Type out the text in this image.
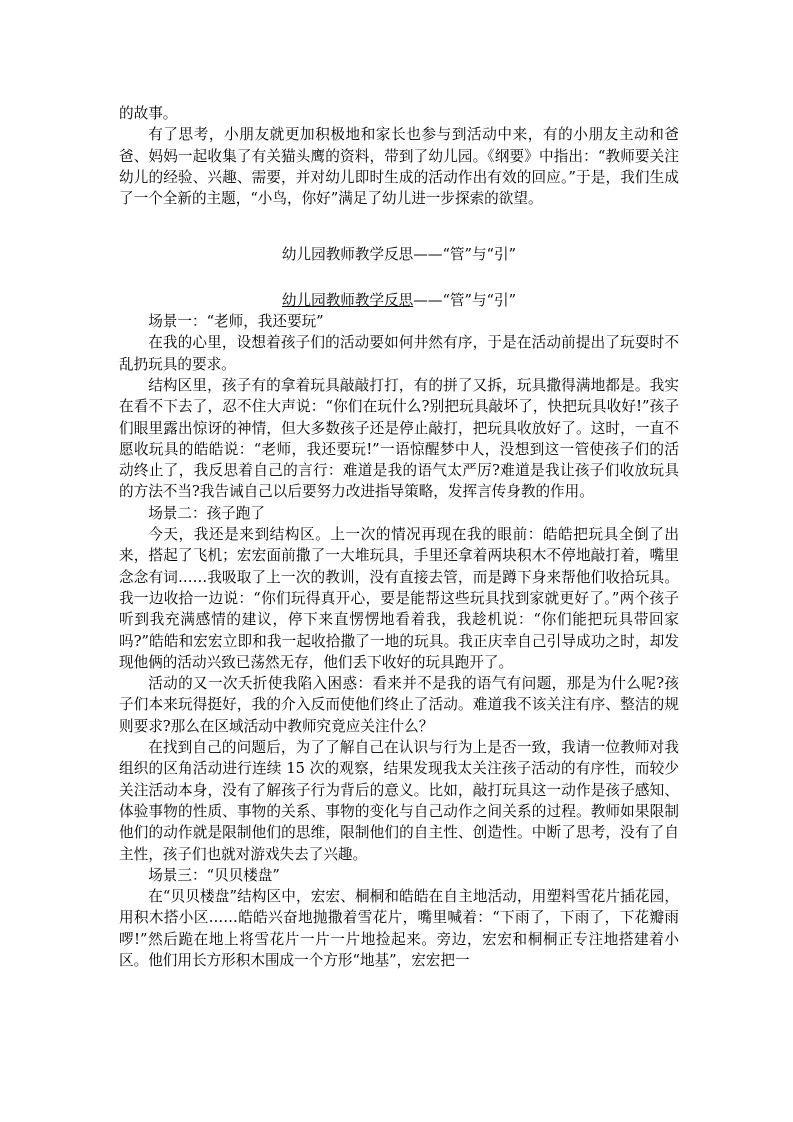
的故事。

有了思考，小朋友就更加积极地和家长也参与到活动中来，有的小朋友主动和爸爸、妈妈一起收集了有关猫头鹰的资料，带到了幼儿园。《纲要》中指出：“教师要关注幼儿的经验、兴趣、需要，并对幼儿即时生成的活动作出有效的回应。”于是，我们生成了一个全新的主题，“小鸟，你好”满足了幼儿进一步探索的欲望。

幼儿园教师教学反思——“管”与“引”

幼儿园教师教学反思——“管”与“引”

场景一：“老师，我还要玩”

在我的心里，设想着孩子们的活动要如何井然有序，于是在活动前提出了玩耍时不乱扔玩具的要求。

结构区里，孩子有的拿着玩具敲敲打打，有的拼了又拆，玩具撒得满地都是。我实在看不下去了，忍不住大声说：“你们在玩什么?别把玩具敲坏了，快把玩具收好!”孩子们眼里露出惊讶的神情，但大多数孩子还是停止敲打，把玩具收放好了。这时，一直不愿收玩具的皓皓说：“老师，我还要玩!”一语惊醒梦中人，没想到这一管使孩子们的活动终止了，我反思着自己的言行：难道是我的语气太严厉?难道是我让孩子们收放玩具的方法不当?我告诫自己以后要努力改进指导策略，发挥言传身教的作用。

场景二：孩子跑了

今天，我还是来到结构区。上一次的情况再现在我的眼前：皓皓把玩具全倒了出来，搭起了飞机；宏宏面前撒了一大堆玩具，手里还拿着两块积木不停地敲打着，嘴里念念有词……我吸取了上一次的教训，没有直接去管，而是蹲下身来帮他们收拾玩具。我一边收拾一边说：“你们玩得真开心，要是能帮这些玩具找到家就更好了。”两个孩子听到我充满感情的建议，停下来直愣愣地看着我，我趁机说：“你们能把玩具带回家吗?”皓皓和宏宏立即和我一起收拾撒了一地的玩具。我正庆幸自己引导成功之时，却发现他俩的活动兴致已荡然无存，他们丢下收好的玩具跑开了。

活动的又一次夭折使我陷入困惑：看来并不是我的语气有问题，那是为什么呢?孩子们本来玩得挺好，我的介入反而使他们终止了活动。难道我不该关注有序、整洁的规则要求?那么在区域活动中教师究竟应关注什么？

在找到自己的问题后，为了了解自己在认识与行为上是否一致，我请一位教师对我组织的区角活动进行连续 15 次的观察，结果发现我太关注孩子活动的有序性，而较少关注活动本身，没有了解孩子行为背后的意义。比如，敲打玩具这一动作是孩子感知、体验事物的性质、事物的关系、事物的变化与自己动作之间关系的过程。教师如果限制他们的动作就是限制他们的思维，限制他们的自主性、创造性。中断了思考，没有了自主性，孩子们也就对游戏失去了兴趣。

场景三：“贝贝楼盘”

在“贝贝楼盘”结构区中，宏宏、桐桐和皓皓在自主地活动，用塑料雪花片插花园，用积木搭小区……皓皓兴奋地抛撒着雪花片，嘴里喊着：“下雨了，下雨了，下花瓣雨啰!”然后跪在地上将雪花片一片一片地捡起来。旁边，宏宏和桐桐正专注地搭建着小区。他们用长方形积木围成一个方形“地基”，宏宏把一
